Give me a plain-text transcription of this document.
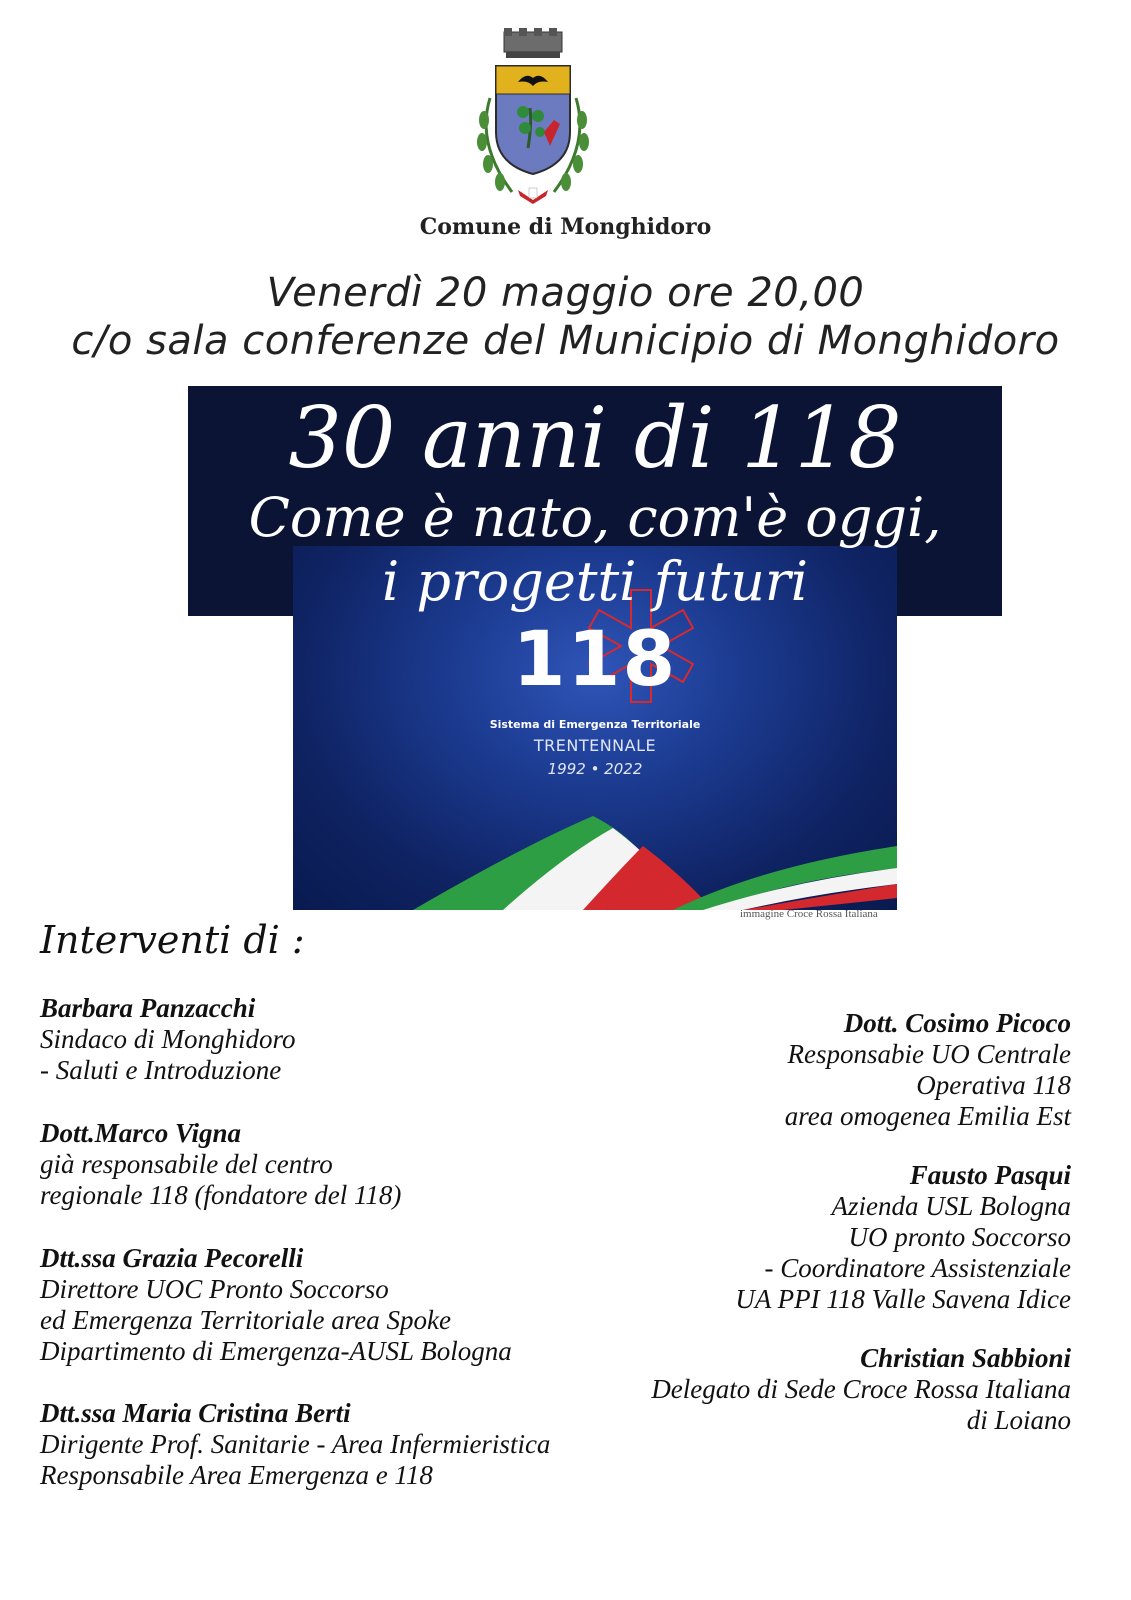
Comune di Monghidoro
Venerdì 20 maggio ore 20,00
c/o sala conferenze del Municipio di Monghidoro
30 anni di 118
Come è nato, com'è oggi,
i progetti futuri
118
Sistema di Emergenza Territoriale
TRENTENNALE
1992 • 2022
immagine Croce Rossa Italiana
Interventi di :
Barbara Panzacchi
Sindaco di Monghidoro
- Saluti e Introduzione
Dott.Marco Vigna
già responsabile del centro
regionale 118 (fondatore del 118)
Dtt.ssa Grazia Pecorelli
Direttore UOC Pronto Soccorso
ed Emergenza Territoriale area Spoke
Dipartimento di Emergenza-AUSL Bologna
Dtt.ssa Maria Cristina Berti
Dirigente Prof. Sanitarie - Area Infermieristica
Responsabile Area Emergenza e 118
Dott. Cosimo Picoco
Responsabie UO Centrale
Operativa 118
area omogenea Emilia Est
Fausto Pasqui
Azienda USL Bologna
UO pronto Soccorso
- Coordinatore Assistenziale
UA PPI 118 Valle Savena Idice
Christian Sabbioni
Delegato di Sede Croce Rossa Italiana
di Loiano
